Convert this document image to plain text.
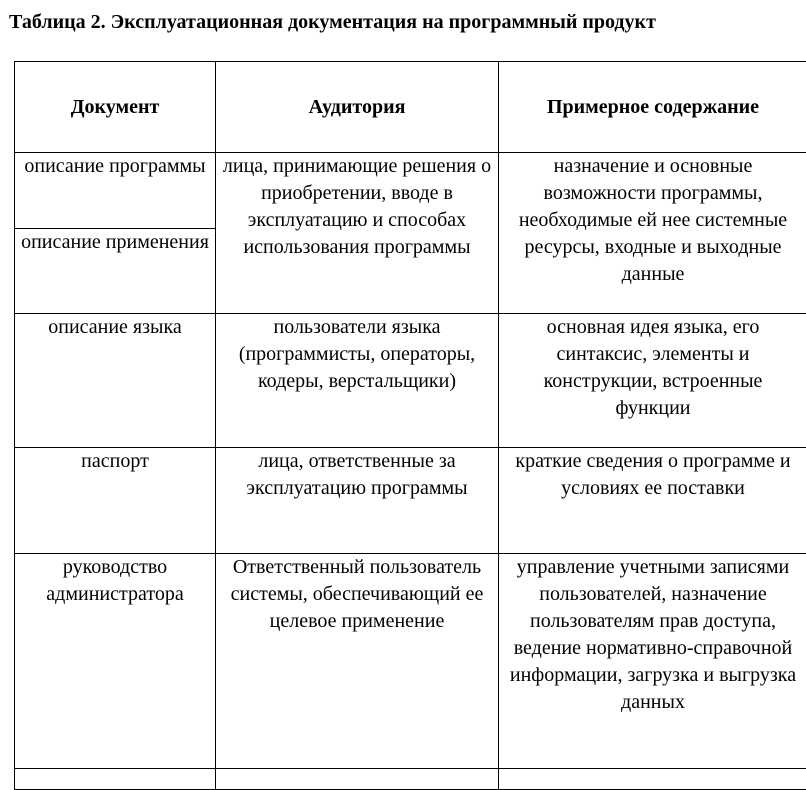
Таблица 2. Эксплуатационная документация на программный продукт
Документ	Аудитория	Примерное содержание
описание программы	лица, принимающие решения о приобретении, вводе в эксплуатацию и способах использования программы	назначение и основные возможности программы, необходимые ей нее системные ресурсы, входные и выходные данные
описание применения		
описание языка	пользователи языка (программисты, операторы, кодеры, верстальщики)	основная идея языка, его синтаксис, элементы и конструкции, встроенные функции
паспорт	лица, ответственные за эксплуатацию программы	краткие сведения о программе и условиях ее поставки
руководство администратора	Ответственный пользователь системы, обеспечивающий ее целевое применение	управление учетными записями пользователей, назначение пользователям прав доступа, ведение нормативно-справочной информации, загрузка и выгрузка данных
